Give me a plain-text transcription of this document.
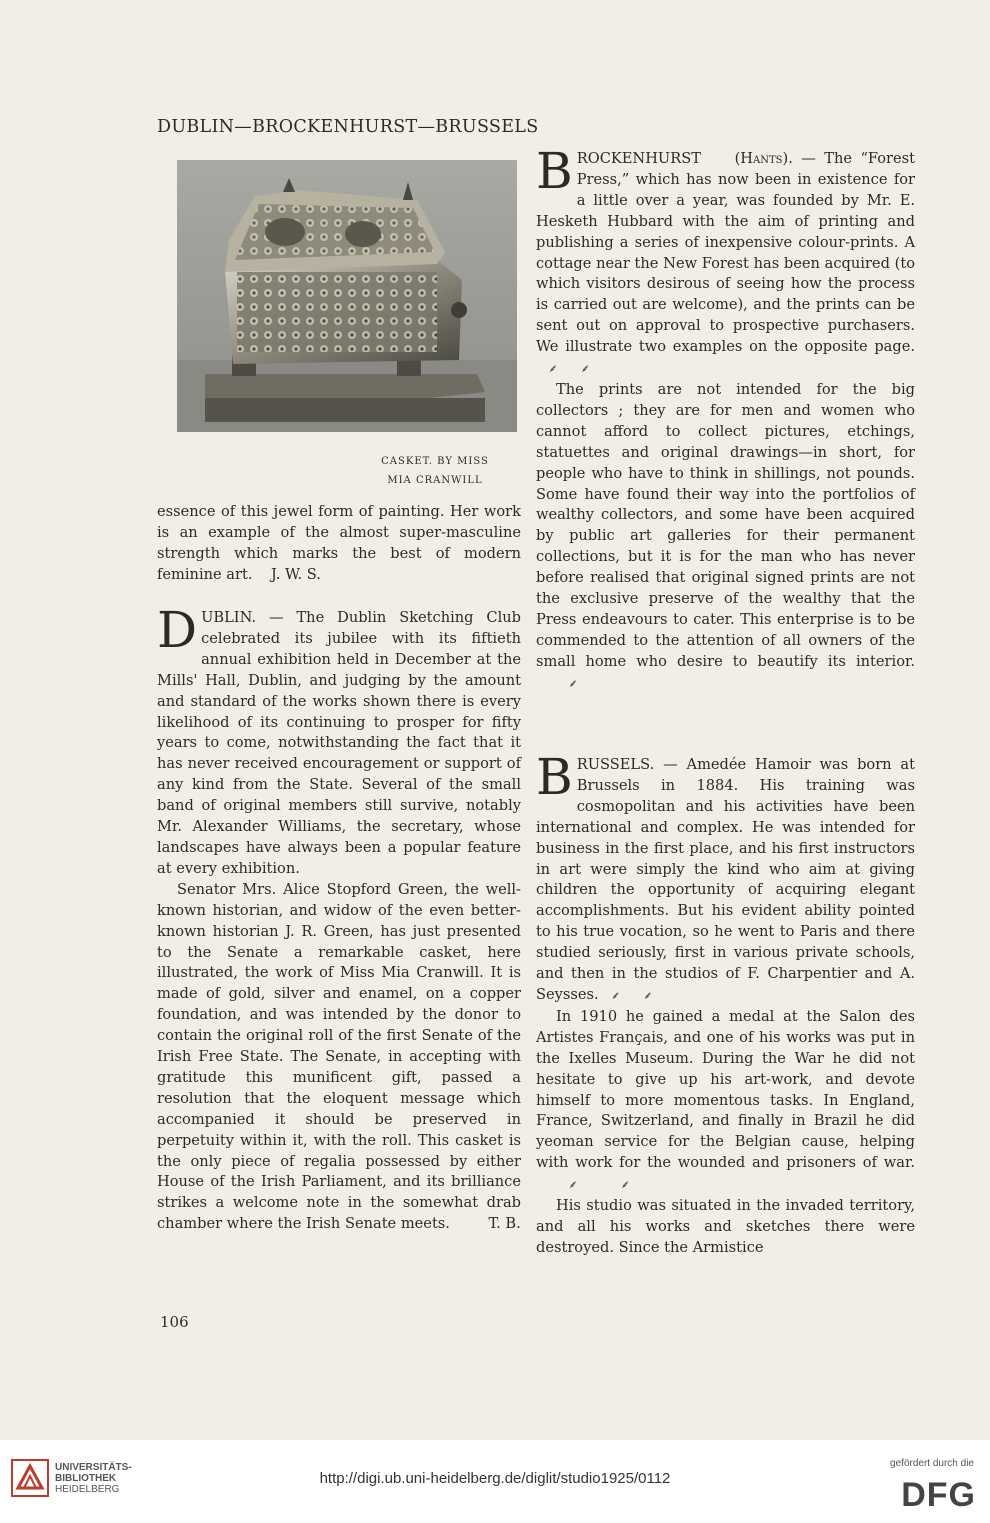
DUBLIN—BROCKENHURST—BRUSSELS
CASKET. BY MISS
MIA CRANWILL

essence of this jewel form of painting. Her work is an example of the almost super-masculine strength which marks the best of modern feminine art. J. W. S.

DUBLIN. — The Dublin Sketching Club celebrated its jubilee with its fiftieth annual exhibition held in December at the Mills' Hall, Dublin, and judging by the amount and standard of the works shown there is every likelihood of its continuing to prosper for fifty years to come, notwithstanding the fact that it has never received encouragement or support of any kind from the State. Several of the small band of original members still survive, notably Mr. Alexander Williams, the secretary, whose landscapes have always been a popular feature at every exhibition.

Senator Mrs. Alice Stopford Green, the well-known historian, and widow of the even better-known historian J. R. Green, has just presented to the Senate a remarkable casket, here illustrated, the work of Miss Mia Cranwill. It is made of gold, silver and enamel, on a copper foundation, and was intended by the donor to contain the original roll of the first Senate of the Irish Free State. The Senate, in accepting with gratitude this munificent gift, passed a resolution that the eloquent message which accompanied it should be preserved in perpetuity within it, with the roll. This casket is the only piece of regalia possessed by either House of the Irish Parliament, and its brilliance strikes a welcome note in the somewhat drab chamber where the Irish Senate meets.	T. B.

BROCKENHURST (Hants). — The “Forest Press,” which has now been in existence for a little over a year, was founded by Mr. E. Hesketh Hubbard with the aim of printing and publishing a series of inexpensive colour-prints. A cottage near the New Forest has been acquired (to which visitors desirous of seeing how the process is carried out are welcome), and the prints can be sent out on approval to prospective purchasers. We illustrate two examples on the opposite page.⸙ ⸙

The prints are not intended for the big collectors ; they are for men and women who cannot afford to collect pictures, etchings, statuettes and original drawings—in short, for people who have to think in shillings, not pounds. Some have found their way into the portfolios of wealthy collectors, and some have been acquired by public art galleries for their permanent collections, but it is for the man who has never before realised that original signed prints are not the exclusive preserve of the wealthy that the Press endeavours to cater. This enterprise is to be commended to the attention of all owners of the small home who desire to beautify its interior.⸙

BRUSSELS. — Amedée Hamoir was born at Brussels in 1884. His training was cosmopolitan and his activities have been international and complex. He was intended for business in the first place, and his first instructors in art were simply the kind who aim at giving children the opportunity of acquiring elegant accomplishments. But his evident ability pointed to his true vocation, so he went to Paris and there studied seriously, first in various private schools, and then in the studios of F. Charpentier and A. Seysses. ⸙ ⸙

In 1910 he gained a medal at the Salon des Artistes Français, and one of his works was put in the Ixelles Museum. During the War he did not hesitate to give up his art-work, and devote himself to more momentous tasks. In England, France, Switzerland, and finally in Brazil he did yeoman service for the Belgian cause, helping with work for the wounded and prisoners of war.⸙	⸙

His studio was situated in the invaded territory, and all his works and sketches there were destroyed. Since the Armistice

106
UNIVERSITÄTS-
BIBLIOTHEK
HEIDELBERG
http://digi.ub.uni-heidelberg.de/diglit/studio1925/0112
gefördert durch die
DFG
